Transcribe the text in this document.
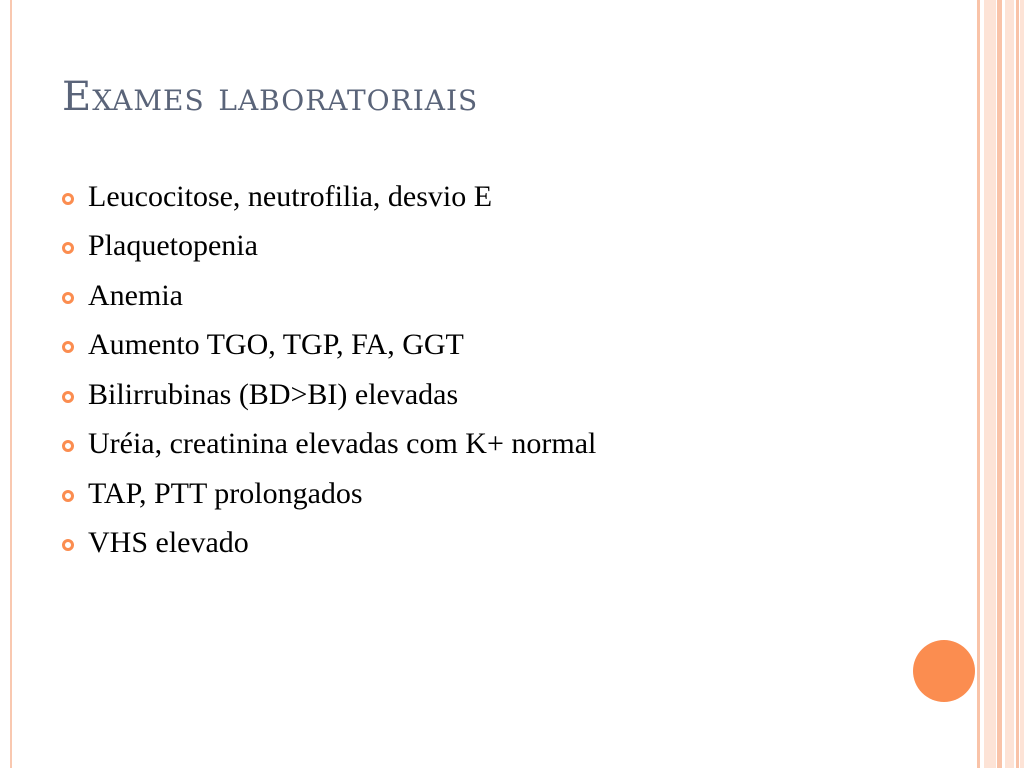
Exames laboratoriais
Leucocitose, neutrofilia, desvio E
Plaquetopenia
Anemia
Aumento TGO, TGP, FA, GGT
Bilirrubinas (BD>BI) elevadas
Uréia, creatinina elevadas com K+ normal
TAP, PTT prolongados
VHS elevado
